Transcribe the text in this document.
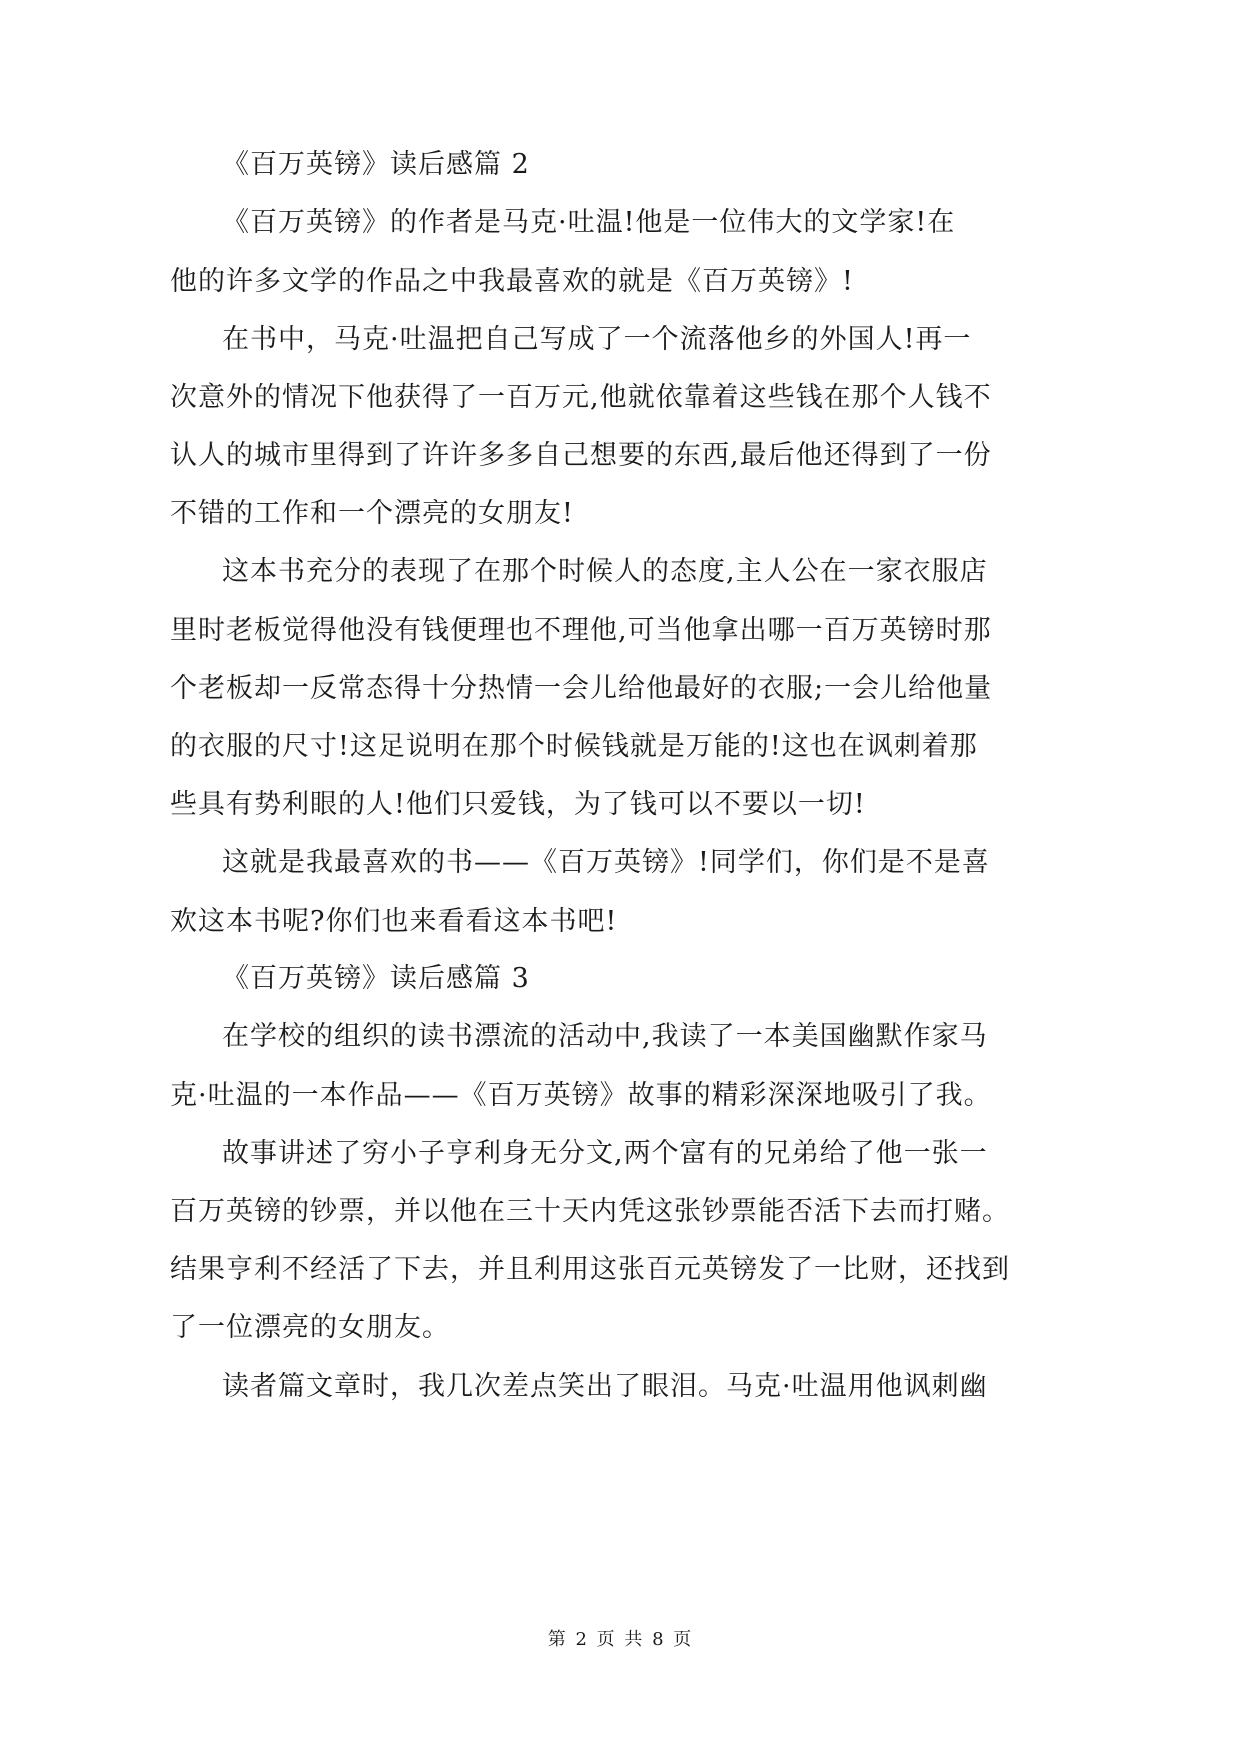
《百万英镑》读后感篇 2
《百万英镑》的作者是马克·吐温!他是一位伟大的文学家!在
他的许多文学的作品之中我最喜欢的就是《百万英镑》!
在书中，马克·吐温把自己写成了一个流落他乡的外国人!再一
次意外的情况下他获得了一百万元,他就依靠着这些钱在那个人钱不
认人的城市里得到了许许多多自己想要的东西,最后他还得到了一份
不错的工作和一个漂亮的女朋友!
这本书充分的表现了在那个时候人的态度,主人公在一家衣服店
里时老板觉得他没有钱便理也不理他,可当他拿出哪一百万英镑时那
个老板却一反常态得十分热情一会儿给他最好的衣服;一会儿给他量
的衣服的尺寸!这足说明在那个时候钱就是万能的!这也在讽刺着那
些具有势利眼的人!他们只爱钱，为了钱可以不要以一切!
这就是我最喜欢的书——《百万英镑》!同学们，你们是不是喜
欢这本书呢?你们也来看看这本书吧!
《百万英镑》读后感篇 3
在学校的组织的读书漂流的活动中,我读了一本美国幽默作家马
克·吐温的一本作品——《百万英镑》故事的精彩深深地吸引了我。
故事讲述了穷小子亨利身无分文,两个富有的兄弟给了他一张一
百万英镑的钞票，并以他在三十天内凭这张钞票能否活下去而打赌。
结果亨利不经活了下去，并且利用这张百元英镑发了一比财，还找到
了一位漂亮的女朋友。
读者篇文章时，我几次差点笑出了眼泪。马克·吐温用他讽刺幽
第 2 页 共 8 页
